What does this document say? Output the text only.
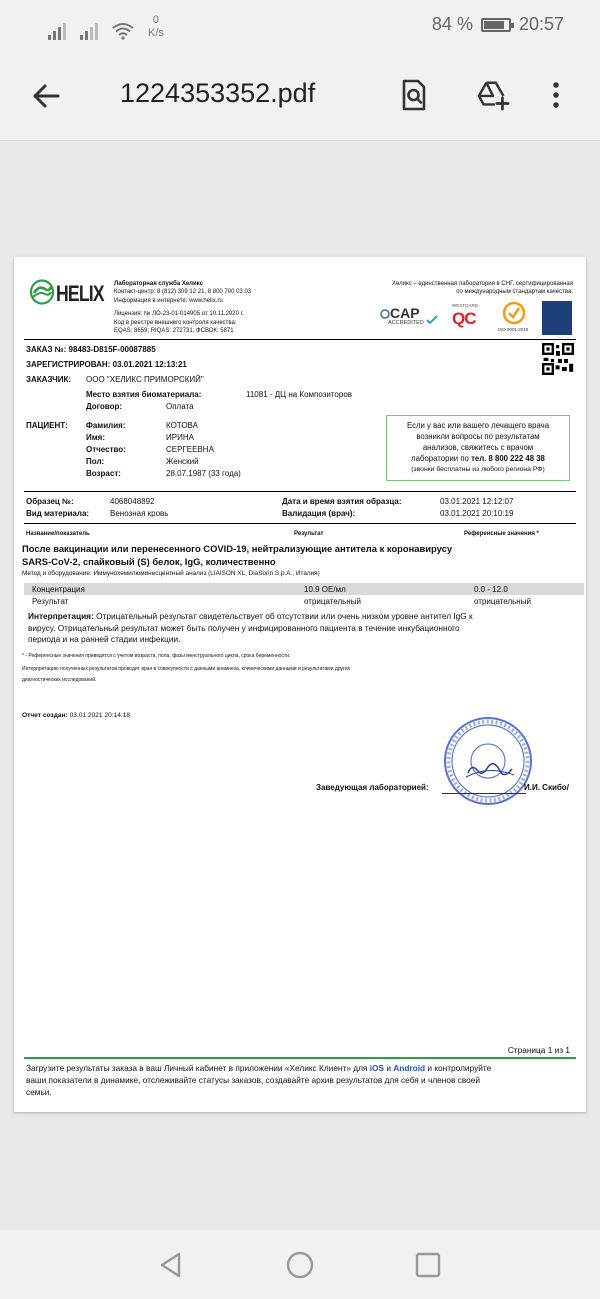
0
K/s	84 %	20:57
1224353352.pdf
HELIX Лабораторная служба Хеликс
Контакт-центр: 8 (812) 309 12 21, 8 800 700 03 03
Информация в интернете: www.helix.ru
Лицензия: № ЛО-23-01-014905 от 10.11.2020 г.
Код в реестре внешнего контроля качества:
EQAS: 8659; RIQAS: 272731; ФСВОК: 5871
Хеликс – единственная лаборатория в СНГ, сертифицированная
по международным стандартам качества:
CAP
ACCREDITED
WESTGARD
QC
ISO 9001:2015
ЗАКАЗ №: 98483-D815F-00087885
ЗАРЕГИСТРИРОВАН: 03.01.2021 12:13:21
ЗАКАЗЧИК: ООО "ХЕЛИКС ПРИМОРСКИЙ"
Место взятия биоматериала:	11081 - ДЦ на Композиторов
Договор:	Оплата
ПАЦИЕНТ: Фамилия:	КОТОВА
Имя:	ИРИНА
Отчество:	СЕРГЕЕВНА
Пол:	Женский
Возраст:	28.07.1987 (33 года)
Если у вас или вашего лечащего врача
возникли вопросы по результатам
анализов, свяжитесь с врачом
лаборатории по тел. 8 800 222 48 38
(звонки бесплатны из любого региона РФ)
Образец №:	4068048892
Вид материала:	Венозная кровь
Дата и время взятия образца:	03.01.2021 12:12:07
Валидация (врач):	03.01.2021 20:10:19
Название/показатель	Результат	Референсные значения *
После вакцинации или перенесенного COVID-19, нейтрализующие антитела к коронавирусу
SARS-CoV-2, спайковый (S) белок, IgG, количественно
Метод и оборудование: Иммунохемилюминесцентный анализ (LIAISON XL, DiaSorin S.p.A., Италия)
Концентрация	10.9 ОЕ/мл	0.0 - 12.0
Результат	отрицательный	отрицательный
Интерпретация: Отрицательный результат свидетельствует об отсутствии или очень низком уровне антител IgG к
вирусу. Отрицательный результат может быть получен у инфицированного пациента в течение инкубационного
периода и на ранней стадии инфекции.
* - Референсные значения приводятся с учетом возраста, пола, фазы менструального цикла, срока беременности.
Интерпретацию полученных результатов проводит врач в совокупности с данными анамнеза, клиническими данными и результатами других
диагностических исследований.
Отчет создан: 03.01.2021 20:14:18
Заведующая лабораторией:	И.И. Скибо/
Страница 1 из 1
Загрузите результаты заказа в ваш Личный кабинет в приложении «Хеликс Клиент» для iOS и Android и контролируйте
ваши показатели в динамике, отслеживайте статусы заказов, создавайте архив результатов для себя и членов своей
семьи.
